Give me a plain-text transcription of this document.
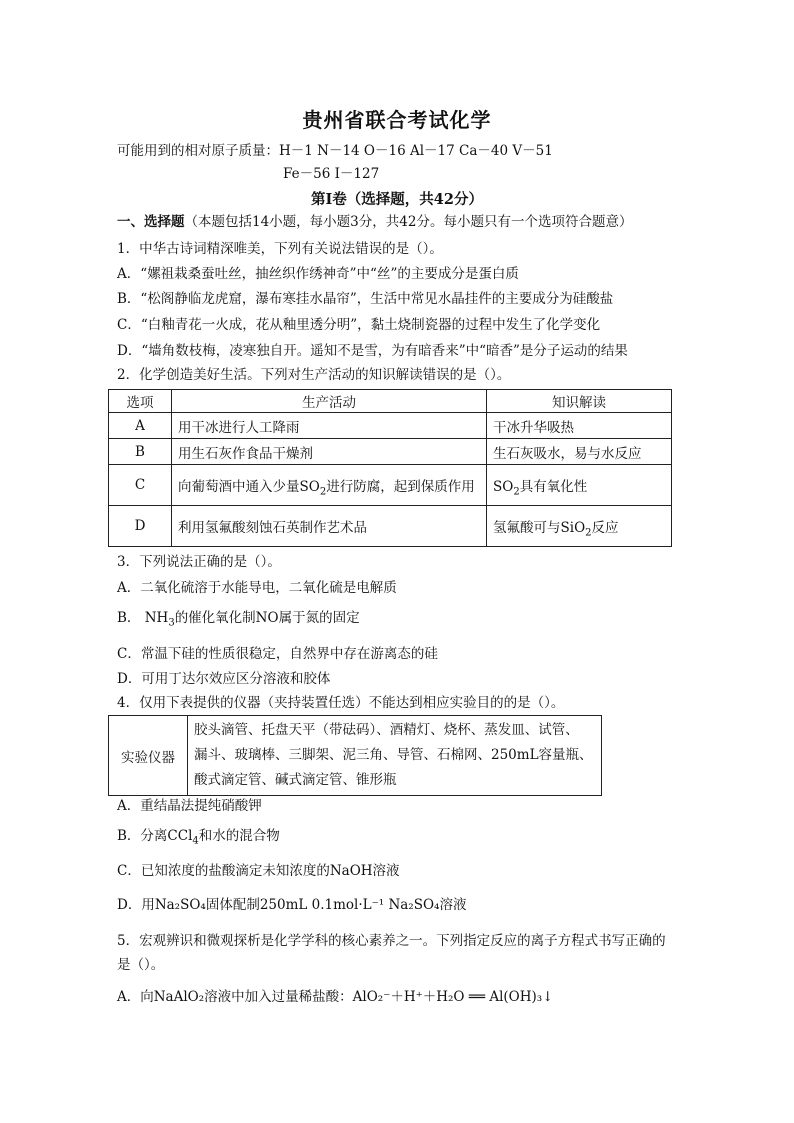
贵州省联合考试化学
可能用到的相对原子质量：H－1 N－14 O－16 Al－17 Ca－40 V－51
Fe－56 I－127
第Ⅰ卷（选择题，共42分）
一、选择题（本题包括14小题，每小题3分，共42分。每小题只有一个选项符合题意）
1．中华古诗词精深唯美，下列有关说法错误的是（）。
A．“嫘祖栽桑蚕吐丝，抽丝织作绣神奇”中“丝”的主要成分是蛋白质
B．“松阁静临龙虎窟，瀑布寒挂水晶帘”，生活中常见水晶挂件的主要成分为硅酸盐
C．“白釉青花一火成，花从釉里透分明”，黏土烧制瓷器的过程中发生了化学变化
D．“墙角数枝梅，凌寒独自开。遥知不是雪，为有暗香来”中“暗香”是分子运动的结果
2．化学创造美好生活。下列对生产活动的知识解读错误的是（）。
选项	生产活动	知识解读
A	用干冰进行人工降雨	干冰升华吸热
B	用生石灰作食品干燥剂	生石灰吸水，易与水反应
C	向葡萄酒中通入少量$SO_2$进行防腐，起到保质作用	$SO_2$具有氧化性
D	利用氢氟酸刻蚀石英制作艺术品	氢氟酸可与SiO$_2$反应
3．下列说法正确的是（）。
A．二氧化硫溶于水能导电，二氧化硫是电解质
B． $NH_3$的催化氧化制NO属于氮的固定
C．常温下硅的性质很稳定，自然界中存在游离态的硅
D．可用丁达尔效应区分溶液和胶体
4．仅用下表提供的仪器（夹持装置任选）不能达到相应实验目的的是（）。
实验仪器	
胶头滴管、托盘天平（带砝码）、酒精灯、烧杯、蒸发皿、试管、
漏斗、玻璃棒、三脚架、泥三角、导管、石棉网、250mL容量瓶、
酸式滴定管、碱式滴定管、锥形瓶
A．重结晶法提纯硝酸钾
B．分离CCl$_4$和水的混合物
C．已知浓度的盐酸滴定未知浓度的NaOH溶液
D．用Na₂SO₄固体配制250mL 0.1mol·L⁻¹ Na₂SO₄溶液
5．宏观辨识和微观探析是化学学科的核心素养之一。下列指定反应的离子方程式书写正确的
是（）。
A．向NaAlO₂溶液中加入过量稀盐酸：AlO₂⁻＋H⁺＋H₂O ══ Al(OH)₃↓
